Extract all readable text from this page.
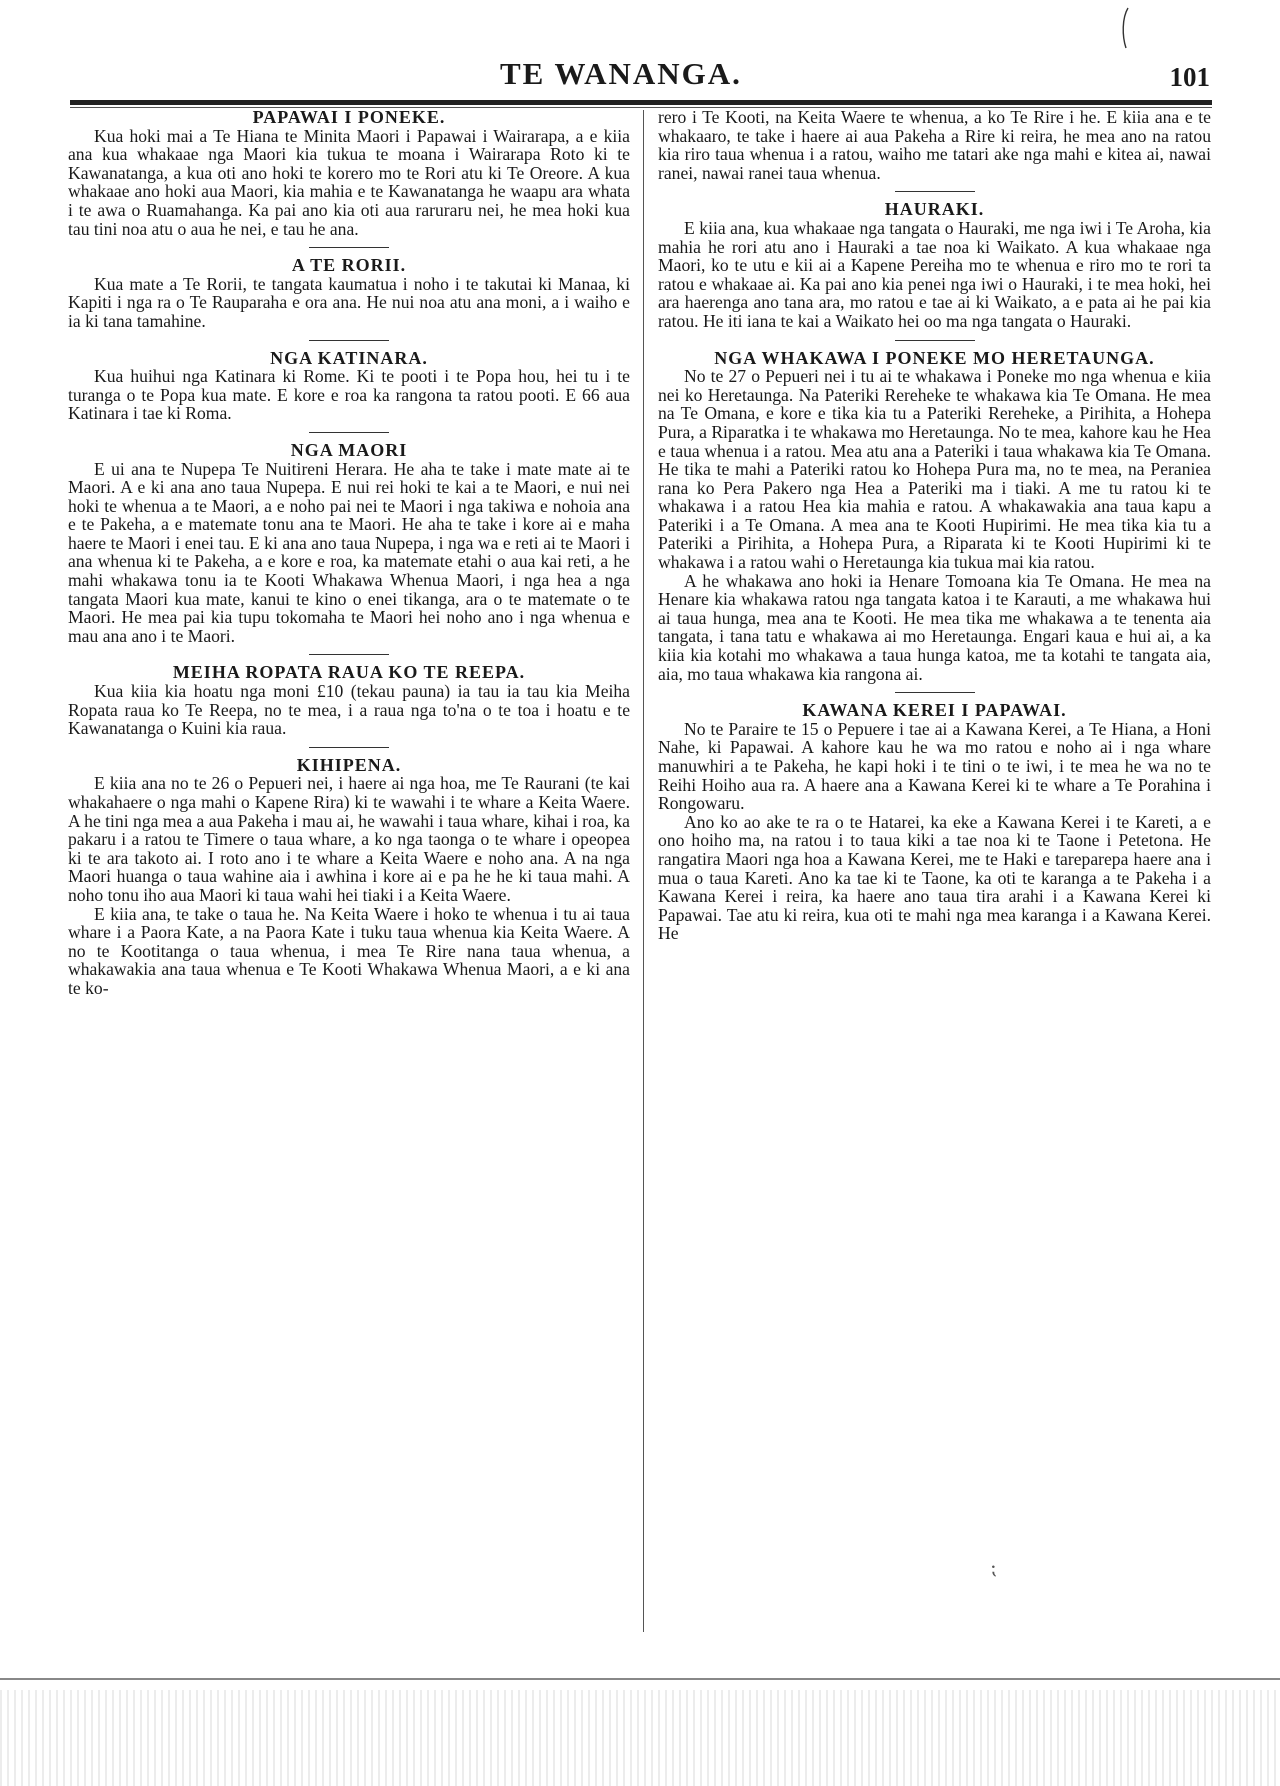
TE WANANGA.	101
PAPAWAI I PONEKE.

Kua hoki mai a Te Hiana te Minita Maori i Papawai i Wairarapa, a e kiia ana kua whakaae nga Maori kia tukua te moana i Wairarapa Roto ki te Kawanatanga, a kua oti ano hoki te korero mo te Rori atu ki Te Oreore. A kua whakaae ano hoki aua Maori, kia mahia e te Kawanatanga he waapu ara whata i te awa o Ruamahanga. Ka pai ano kia oti aua raruraru nei, he mea hoki kua tau tini noa atu o aua he nei, e tau he ana.

A TE RORII.

Kua mate a Te Rorii, te tangata kaumatua i noho i te takutai ki Manaa, ki Kapiti i nga ra o Te Rauparaha e ora ana. He nui noa atu ana moni, a i waiho e ia ki tana tamahine.

NGA KATINARA.

Kua huihui nga Katinara ki Rome. Ki te pooti i te Popa hou, hei tu i te turanga o te Popa kua mate. E kore e roa ka rangona ta ratou pooti. E 66 aua Katinara i tae ki Roma.

NGA MAORI

E ui ana te Nupepa Te Nuitireni Herara. He aha te take i mate mate ai te Maori. A e ki ana ano taua Nupepa. E nui rei hoki te kai a te Maori, e nui nei hoki te whenua a te Maori, a e noho pai nei te Maori i nga takiwa e nohoia ana e te Pakeha, a e matemate tonu ana te Maori. He aha te take i kore ai e maha haere te Maori i enei tau. E ki ana ano taua Nupepa, i nga wa e reti ai te Maori i ana whenua ki te Pakeha, a e kore e roa, ka matemate etahi o aua kai reti, a he mahi whakawa tonu ia te Kooti Whakawa Whenua Maori, i nga hea a nga tangata Maori kua mate, kanui te kino o enei tikanga, ara o te matemate o te Maori. He mea pai kia tupu tokomaha te Maori hei noho ano i nga whenua e mau ana ano i te Maori.

MEIHA ROPATA RAUA KO TE REEPA.

Kua kiia kia hoatu nga moni £10 (tekau pauna) ia tau ia tau kia Meiha Ropata raua ko Te Reepa, no te mea, i a raua nga to'na o te toa i hoatu e te Kawanatanga o Kuini kia raua.

KIHIPENA.

E kiia ana no te 26 o Pepueri nei, i haere ai nga hoa, me Te Raurani (te kai whakahaere o nga mahi o Kapene Rira) ki te wawahi i te whare a Keita Waere. A he tini nga mea a aua Pakeha i mau ai, he wawahi i taua whare, kihai i roa, ka pakaru i a ratou te Timere o taua whare, a ko nga taonga o te whare i opeopea ki te ara takoto ai. I roto ano i te whare a Keita Waere e noho ana. A na nga Maori huanga o taua wahine aia i awhina i kore ai e pa he he ki taua mahi. A noho tonu iho aua Maori ki taua wahi hei tiaki i a Keita Waere.

E kiia ana, te take o taua he. Na Keita Waere i hoko te whenua i tu ai taua whare i a Paora Kate, a na Paora Kate i tuku taua whenua kia Keita Waere. A no te Kootitanga o taua whenua, i mea Te Rire nana taua whenua, a whakawakia ana taua whenua e Te Kooti Whakawa Whenua Maori, a e ki ana te ko-

rero i Te Kooti, na Keita Waere te whenua, a ko Te Rire i he. E kiia ana e te whakaaro, te take i haere ai aua Pakeha a Rire ki reira, he mea ano na ratou kia riro taua whenua i a ratou, waiho me tatari ake nga mahi e kitea ai, nawai ranei, nawai ranei taua whenua.

HAURAKI.

E kiia ana, kua whakaae nga tangata o Hauraki, me nga iwi i Te Aroha, kia mahia he rori atu ano i Hauraki a tae noa ki Waikato. A kua whakaae nga Maori, ko te utu e kii ai a Kapene Pereiha mo te whenua e riro mo te rori ta ratou e whakaae ai. Ka pai ano kia penei nga iwi o Hauraki, i te mea hoki, hei ara haerenga ano tana ara, mo ratou e tae ai ki Waikato, a e pata ai he pai kia ratou. He iti iana te kai a Waikato hei oo ma nga tangata o Hauraki.

NGA WHAKAWA I PONEKE MO HERETAUNGA.

No te 27 o Pepueri nei i tu ai te whakawa i Poneke mo nga whenua e kiia nei ko Heretaunga. Na Pateriki Rereheke te whakawa kia Te Omana. He mea na Te Omana, e kore e tika kia tu a Pateriki Rereheke, a Pirihita, a Hohepa Pura, a Riparatka i te whakawa mo Heretaunga. No te mea, kahore kau he Hea e taua whenua i a ratou. Mea atu ana a Pateriki i taua whakawa kia Te Omana. He tika te mahi a Pateriki ratou ko Hohepa Pura ma, no te mea, na Peraniea rana ko Pera Pakero nga Hea a Pateriki ma i tiaki. A me tu ratou ki te whakawa i a ratou Hea kia mahia e ratou. A whakawakia ana taua kapu a Pateriki i a Te Omana. A mea ana te Kooti Hupirimi. He mea tika kia tu a Pateriki a Pirihita, a Hohepa Pura, a Riparata ki te Kooti Hupirimi ki te whakawa i a ratou wahi o Heretaunga kia tukua mai kia ratou.

A he whakawa ano hoki ia Henare Tomoana kia Te Omana. He mea na Henare kia whakawa ratou nga tangata katoa i te Karauti, a me whakawa hui ai taua hunga, mea ana te Kooti. He mea tika me whakawa a te tenenta aia tangata, i tana tatu e whakawa ai mo Heretaunga. Engari kaua e hui ai, a ka kiia kia kotahi mo whakawa a taua hunga katoa, me ta kotahi te tangata aia, aia, mo taua whakawa kia rangona ai.

KAWANA KEREI I PAPAWAI.

No te Paraire te 15 o Pepuere i tae ai a Kawana Kerei, a Te Hiana, a Honi Nahe, ki Papawai. A kahore kau he wa mo ratou e noho ai i nga whare manuwhiri a te Pakeha, he kapi hoki i te tini o te iwi, i te mea he wa no te Reihi Hoiho aua ra. A haere ana a Kawana Kerei ki te whare a Te Porahina i Rongowaru.

Ano ko ao ake te ra o te Hatarei, ka eke a Kawana Kerei i te Kareti, a e ono hoiho ma, na ratou i to taua kiki a tae noa ki te Taone i Petetona. He rangatira Maori nga hoa a Kawana Kerei, me te Haki e tareparepa haere ana i mua o taua Kareti. Ano ka tae ki te Taone, ka oti te karanga a te Pakeha i a Kawana Kerei i reira, ka haere ano taua tira arahi i a Kawana Kerei ki Papawai. Tae atu ki reira, kua oti te mahi nga mea karanga i a Kawana Kerei. He

⁏
